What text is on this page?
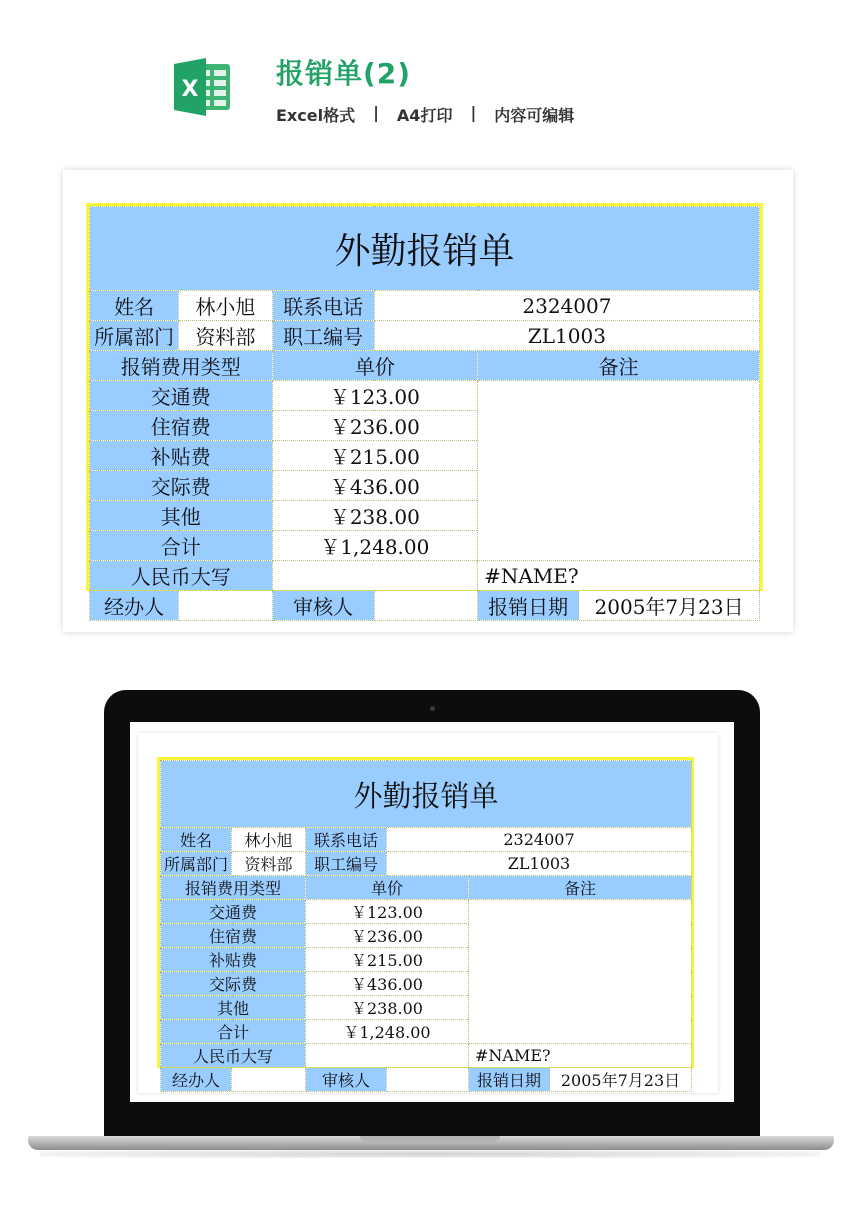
X	报销单(2)
Excel格式 | A4打印 | 内容可编辑
外勤报销单				
姓名	林小旭	联系电话	2324007	
所属部门	资料部	职工编号	ZL1003	
报销费用类型		单价		备注
交通费		￥123.00		
住宿费		￥236.00		
补贴费		￥215.00		
交际费		￥436.00		
其他		￥238.00		
合计		￥1,248.00		
人民币大写				#NAME?
经办人		审核人		报销日期 2005年7月23日
外勤报销单				
姓名	林小旭	联系电话	2324007	
所属部门	资料部	职工编号	ZL1003	
报销费用类型		单价		备注
交通费		￥123.00		
住宿费		￥236.00		
补贴费		￥215.00		
交际费		￥436.00		
其他		￥238.00		
合计		￥1,248.00		
人民币大写				#NAME?
经办人		审核人		报销日期 2005年7月23日
